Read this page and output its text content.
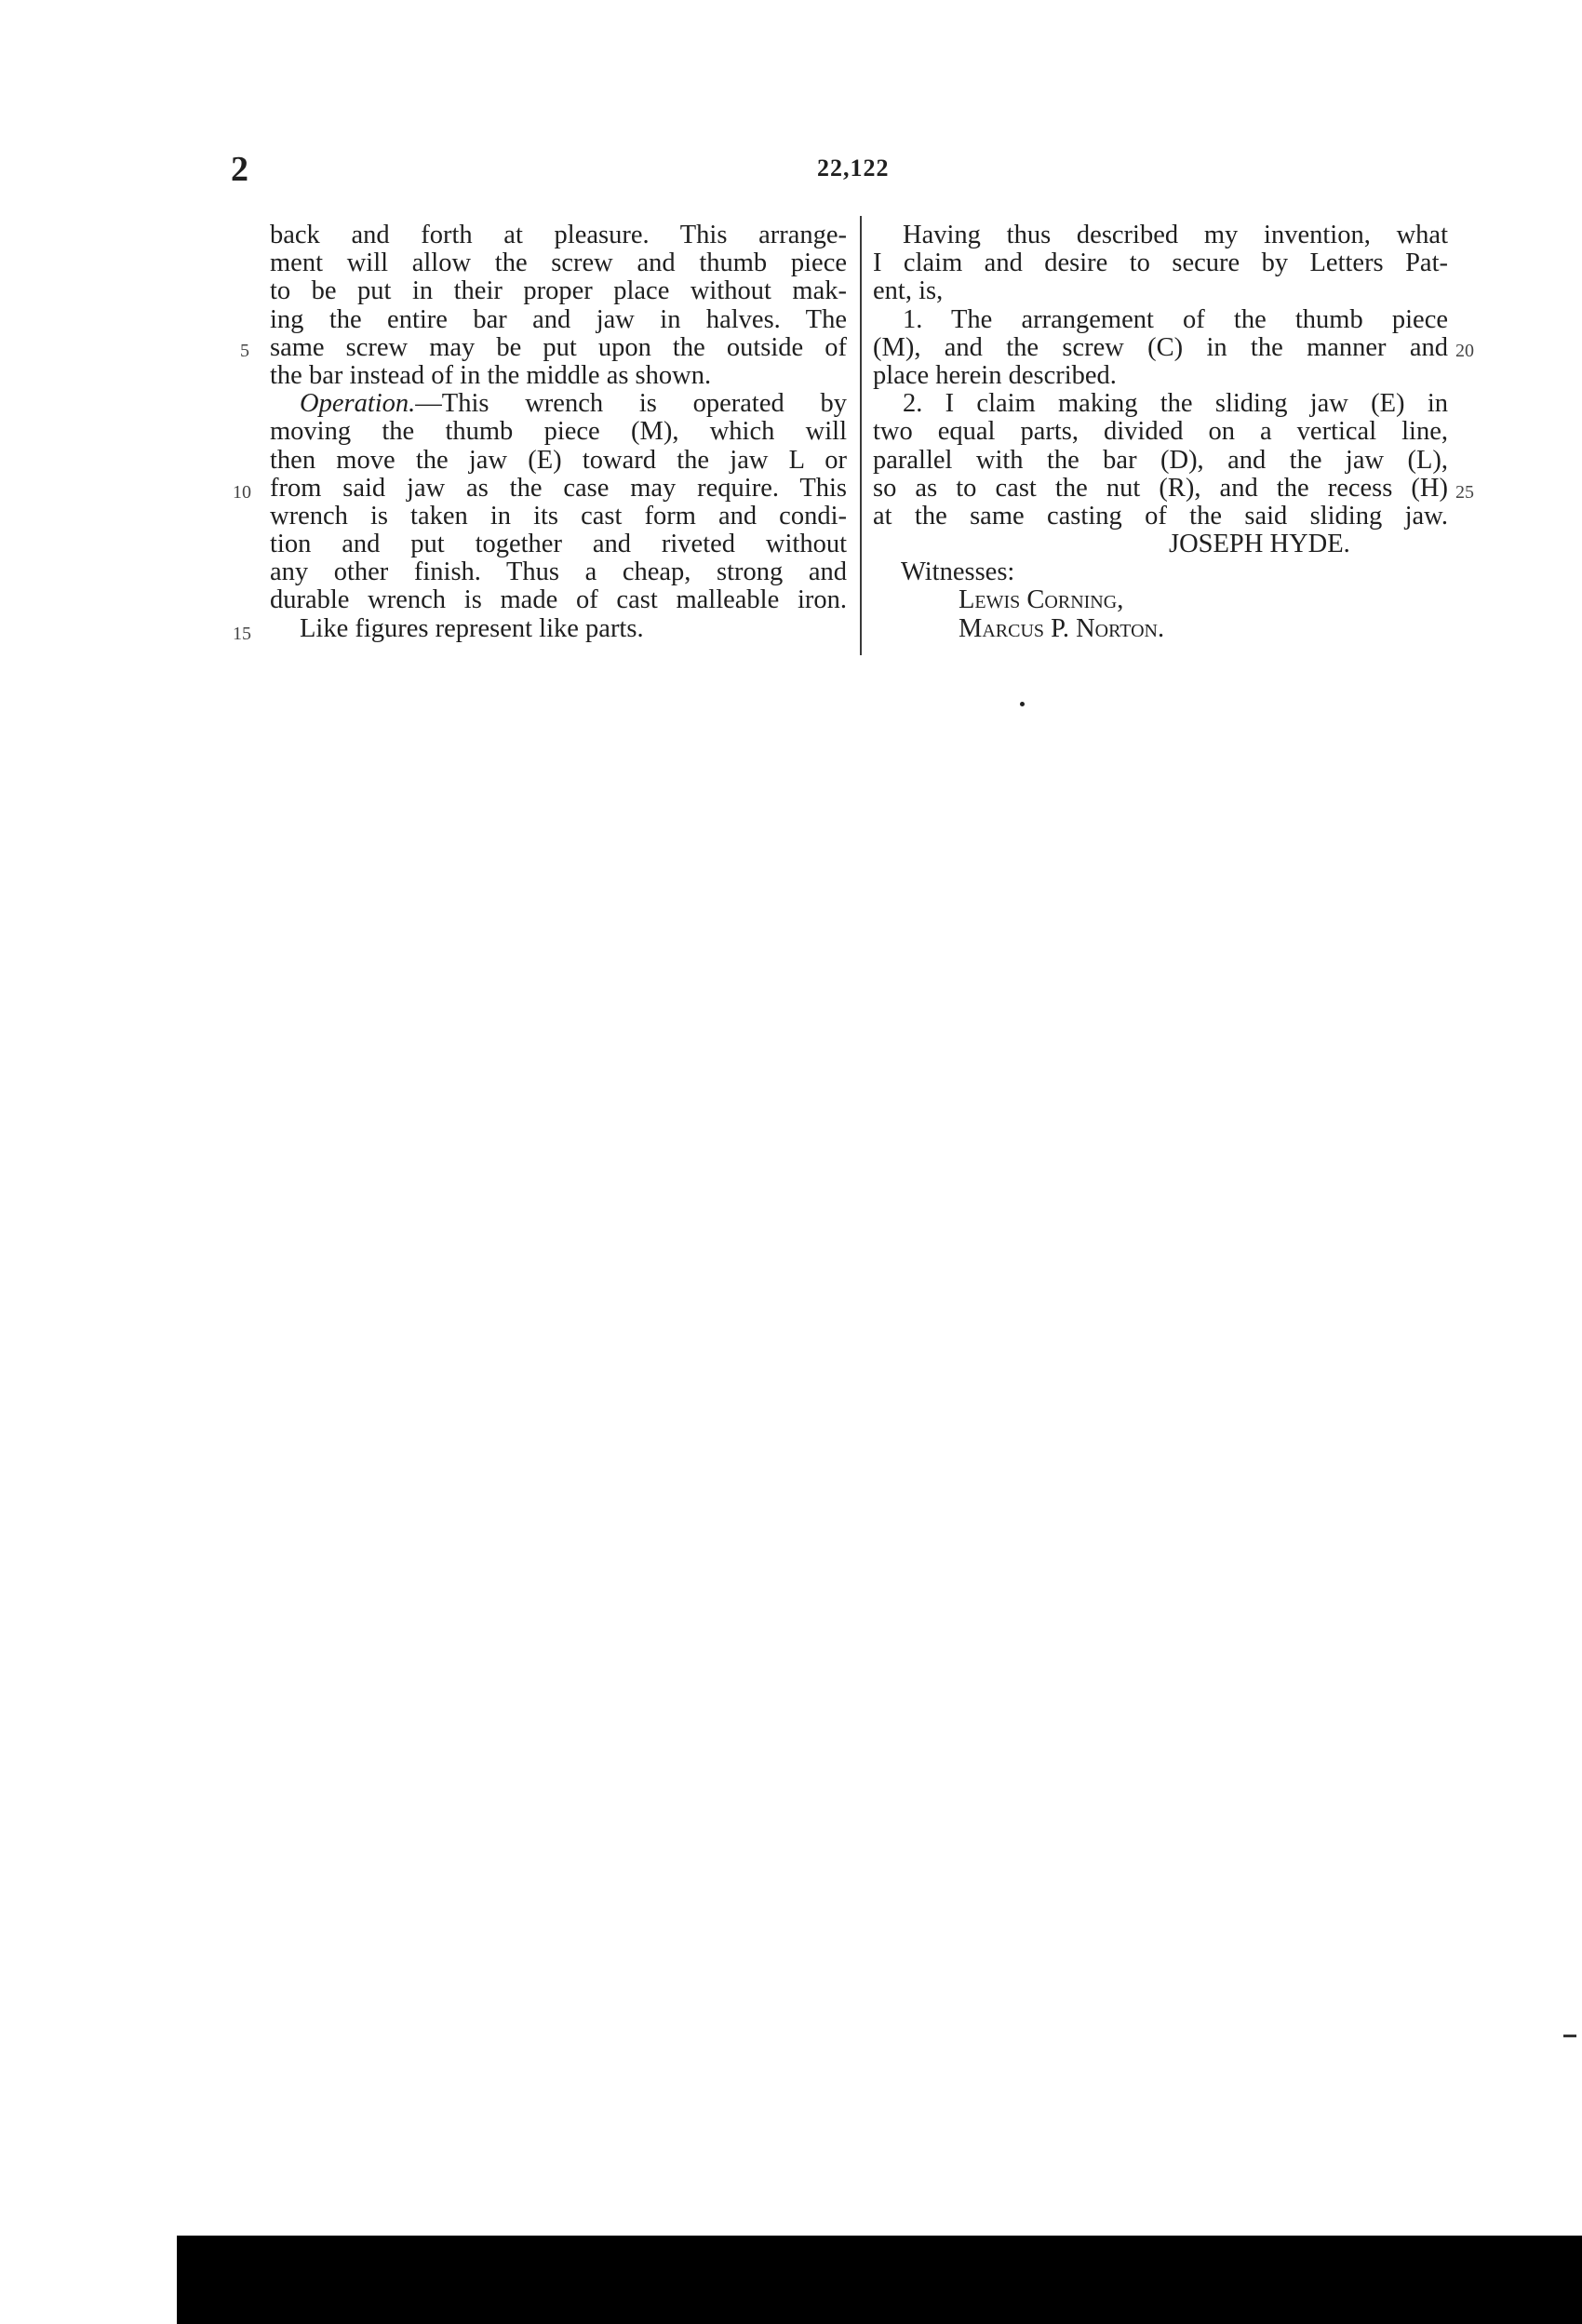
2	22,122
5
10
15
20
25
back and forth at pleasure. This arrange-
ment will allow the screw and thumb piece
to be put in their proper place without mak-
ing the entire bar and jaw in halves. The
same screw may be put upon the outside of
the bar instead of in the middle as shown.
Operation.—This wrench is operated by
moving the thumb piece (M), which will
then move the jaw (E) toward the jaw L or
from said jaw as the case may require. This
wrench is taken in its cast form and condi-
tion and put together and riveted without
any other finish. Thus a cheap, strong and
durable wrench is made of cast malleable iron.
Like figures represent like parts.
Having thus described my invention, what
I claim and desire to secure by Letters Pat-
ent, is,
1. The arrangement of the thumb piece
(M), and the screw (C) in the manner and
place herein described.
2. I claim making the sliding jaw (E) in
two equal parts, divided on a vertical line,
parallel with the bar (D), and the jaw (L),
so as to cast the nut (R), and the recess (H)
at the same casting of the said sliding jaw.
JOSEPH HYDE.
Witnesses:
Lewis Corning,
Marcus P. Norton.
